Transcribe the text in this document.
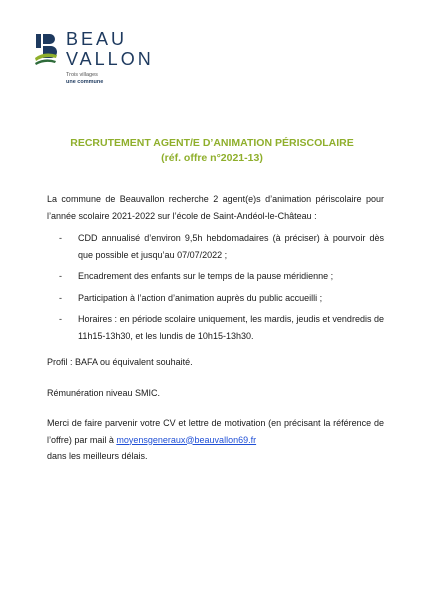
BEAU
VALLON
Trois villages
une commune
RECRUTEMENT AGENT/E D’ANIMATION PÉRISCOLAIRE
(réf. offre n°2021-13)

La commune de Beauvallon recherche 2 agent(e)s d’animation périscolaire pour l’année scolaire 2021-2022 sur l’école de Saint-Andéol-le-Château :

- CDD annualisé d’environ 9,5h hebdomadaires (à préciser) à pourvoir dès que possible et jusqu’au 07/07/2022 ;
- Encadrement des enfants sur le temps de la pause méridienne ;
- Participation à l’action d’animation auprès du public accueilli ;
- Horaires : en période scolaire uniquement, les mardis, jeudis et vendredis de 11h15-13h30, et les lundis de 10h15-13h30.

Profil : BAFA ou équivalent souhaité.

Rémunération niveau SMIC.

Merci de faire parvenir votre CV et lettre de motivation (en précisant la référence de l’offre) par mail à moyensgeneraux@beauvallon69.fr
dans les meilleurs délais.
